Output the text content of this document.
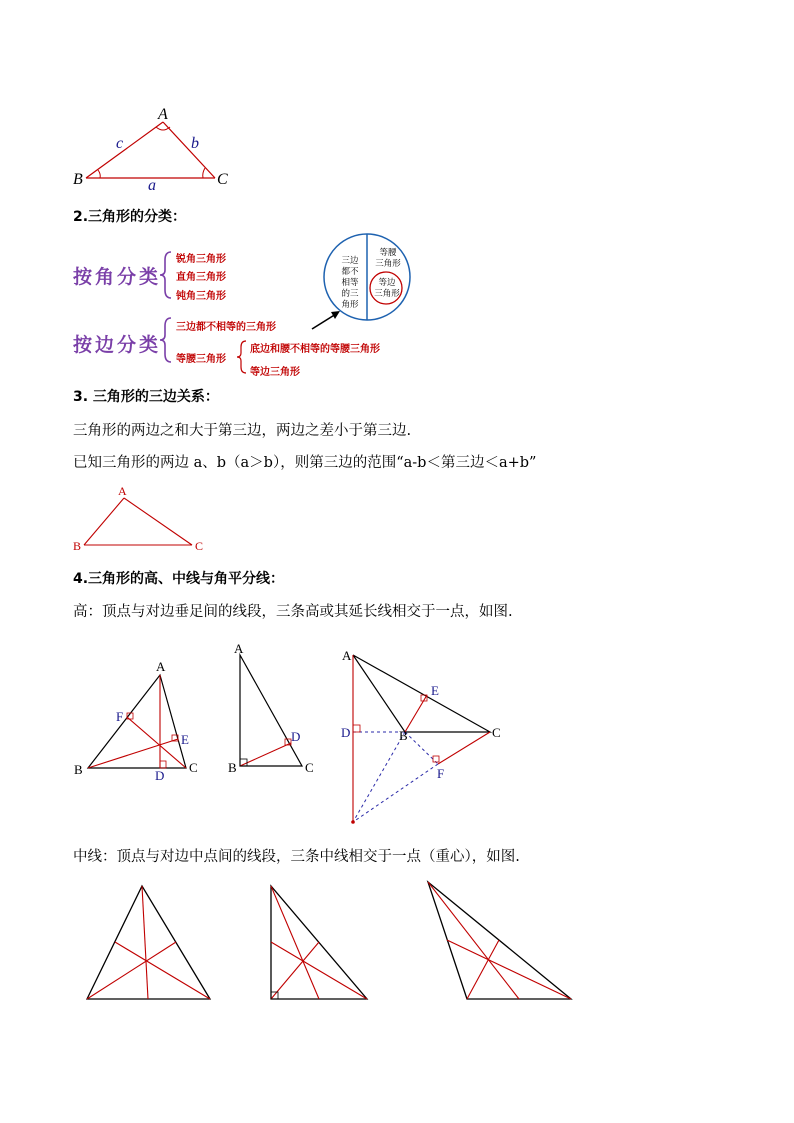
A
B	C
c	b
a
2.三角形的分类：
按角分类
锐角三角形
直角三角形
钝角三角形
按边分类
三边都不相等的三角形
等腰三角形
底边和腰不相等的等腰三角形
等边三角形
三边
都不
相等
的三
角形
等腰
三角形
等边
三角形
3. 三角形的三边关系：
三角形的两边之和大于第三边，两边之差小于第三边.
已知三角形的两边 a、b（a＞b），则第三边的范围“a-b＜第三边＜a+b”
A
B	C
4.三角形的高、中线与角平分线：
高：顶点与对边垂足间的线段，三条高或其延长线相交于一点，如图.
A
B	C
D
E
F
A
B	C
D
A
B	C
D
E
F
中线：顶点与对边中点间的线段，三条中线相交于一点（重心），如图.
